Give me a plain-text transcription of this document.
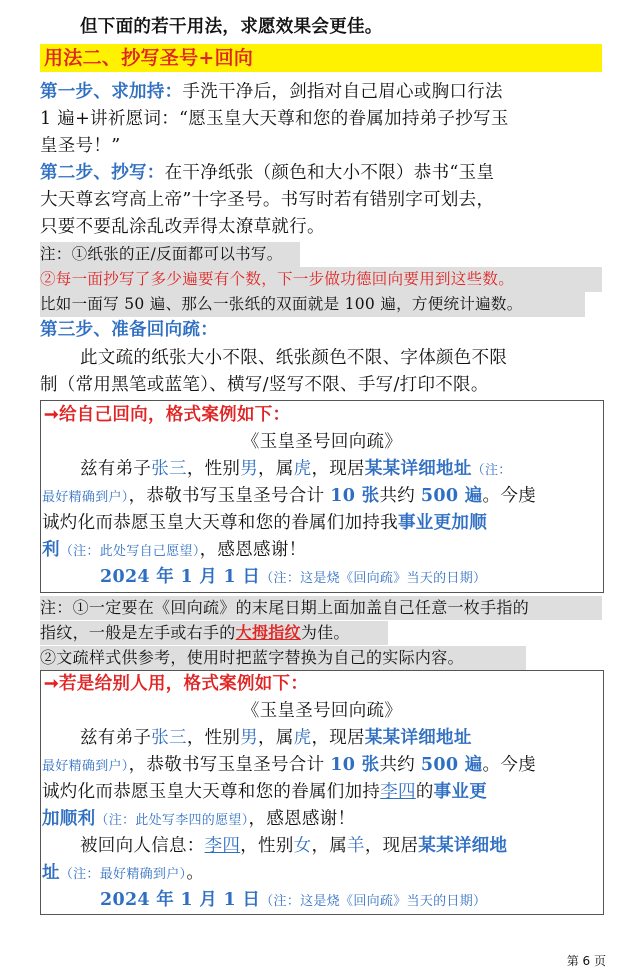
但下面的若干用法，求愿效果会更佳。
用法二、抄写圣号+回向
第一步、求加持：手洗干净后，剑指对自己眉心或胸口行法
1 遍+讲祈愿词：“愿玉皇大天尊和您的眷属加持弟子抄写玉
皇圣号！”
第二步、抄写：在干净纸张（颜色和大小不限）恭书“玉皇
大天尊玄穹高上帝”十字圣号。书写时若有错别字可划去，
只要不要乱涂乱改弄得太潦草就行。
注：①纸张的正/反面都可以书写。
②每一面抄写了多少遍要有个数，下一步做功德回向要用到这些数。
比如一面写 50 遍、那么一张纸的双面就是 100 遍，方便统计遍数。
第三步、准备回向疏：
此文疏的纸张大小不限、纸张颜色不限、字体颜色不限
制（常用黑笔或蓝笔）、横写/竖写不限、手写/打印不限。
➞给自己回向，格式案例如下：
《玉皇圣号回向疏》
兹有弟子张三，性别男，属虎，现居某某详细地址（注：
最好精确到户），恭敬书写玉皇圣号合计 10 张共约 500 遍。今虔
诚灼化而恭愿玉皇大天尊和您的眷属们加持我事业更加顺
利（注：此处写自己愿望），感恩感谢！
2024 年 1 月 1 日（注：这是烧《回向疏》当天的日期）
注：①一定要在《回向疏》的末尾日期上面加盖自己任意一枚手指的
指纹，一般是左手或右手的大拇指纹为佳。
②文疏样式供参考，使用时把蓝字替换为自己的实际内容。
➞若是给别人用，格式案例如下：
《玉皇圣号回向疏》
兹有弟子张三，性别男，属虎，现居某某详细地址
最好精确到户），恭敬书写玉皇圣号合计 10 张共约 500 遍。今虔
诚灼化而恭愿玉皇大天尊和您的眷属们加持李四的事业更
加顺利（注：此处写李四的愿望），感恩感谢！
被回向人信息：李四，性别女，属羊，现居某某详细地
址（注：最好精确到户）。
2024 年 1 月 1 日（注：这是烧《回向疏》当天的日期）
第 6 页
